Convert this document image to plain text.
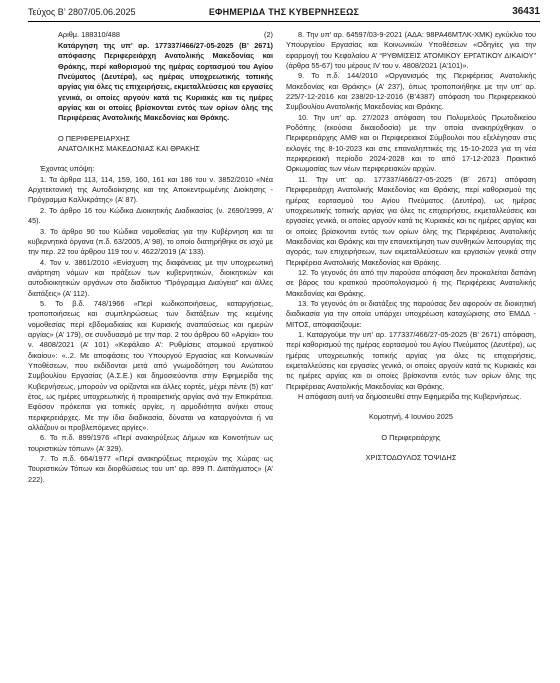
Τεύχος B’ 2807/05.06.2025	ΕΦΗΜΕΡΙΔΑ ΤΗΣ ΚΥΒΕΡΝΗΣΕΩΣ	36431
Αριθμ. 188310/488	(2)

Κατάργηση της υπ’ αρ. 177337/466/27-05-2025 (Β’ 2671) απόφασης Περιφερειάρχη Ανατολικής Μακεδονίας και Θράκης, περί καθορισμού της ημέρας εορτασμού του Αγίου Πνεύματος (Δευτέρα), ως ημέρας υποχρεωτικής τοπικής αργίας για όλες τις επιχειρήσεις, εκμεταλλεύσεις και εργασίες γενικά, οι οποίες αργούν κατά τις Κυριακές και τις ημέρες αργίας και οι οποίες βρίσκονται εντός των ορίων όλης της Περιφέρειας Ανατολικής Μακεδονίας και Θράκης.

Ο ΠΕΡΙΦΕΡΕΙΑΡΧΗΣ

ΑΝΑΤΟΛΙΚΗΣ ΜΑΚΕΔΟΝΙΑΣ ΚΑΙ ΘΡΑΚΗΣ

Έχοντας υπόψη:

1. Τα άρθρα 113, 114, 159, 160, 161 και 186 του ν. 3852/2010 «Νέα Αρχιτεκτονική της Αυτοδιοίκησης και της Αποκεντρωμένης Διοίκησης - Πρόγραμμα Καλλικράτης» (Α’ 87).

2. Το άρθρο 16 του Κώδικα Διοικητικής Διαδικασίας (ν. 2690/1999, Α’ 45).

3. Το άρθρο 90 του Κώδικα νομοθεσίας για την Κυβέρνηση και τα κυβερνητικά όργανα (π.δ. 63/2005, Α’ 98), το οποίο διατηρήθηκε σε ισχύ με την περ. 22 του άρθρου 119 του ν. 4622/2019 (Α’ 133).

4. Τον ν. 3861/2010 «Ενίσχυση της διαφάνειας με την υποχρεωτική ανάρτηση νόμων και πράξεων των κυβερνητικών, διοικητικών και αυτοδιοικητικών οργάνων στο διαδίκτυο “Πρόγραμμα Διαύγεια” και άλλες διατάξεις» (Α’ 112).

5. Το β.δ. 748/1966 «Περί κωδικοποιήσεως, καταργήσεως, τροποποιήσεως και συμπληρώσεως των διατάξεων της κειμένης νομοθεσίας περί εβδομαδιαίας και Κυριακής αναπαύσεως και ημερών αργίας» (Α’ 179), σε συνδυασμό με την παρ. 2 του άρθρου 60 «Αργίαι» του ν. 4808/2021 (Α’ 101) «Κεφάλαιο Α’: Ρυθμίσεις ατομικού εργατικού δικαίου»: «..2. Με αποφάσεις του Υπουργού Εργασίας και Κοινωνικών Υποθέσεων, που εκδίδονται μετά από γνωμοδότηση του Ανώτατου Συμβουλίου Εργασίας (Α.Σ.Ε.) και δημοσιεύονται στην Εφημερίδα της Κυβερνήσεως, μπορούν να ορίζονται και άλλες εορτές, μέχρι πέντε (5) κατ’ έτος, ως ημέρες υποχρεωτικής ή προαιρετικής αργίας ανά την Επικράτεια. Εφόσον πρόκειται για τοπικές αργίες, η αρμοδιότητα ανήκει στους περιφερειάρχες. Με την ίδια διαδικασία, δύναται να καταργούνται ή να αλλάζουν οι προβλεπόμενες αργίες».

6. Το π.δ. 899/1976 «Περί ανακηρύξεως Δήμων και Κοινοτήτων ως τουριστικών τόπων» (Α’ 329).

7. Το π.δ. 664/1977 «Περί ανακηρύξεως περιοχών της Χώρας ως Τουριστικών Τόπων και διορθώσεως του υπ’ αρ. 899 Π. Διατάγματος» (Α’ 222).

8. Την υπ’ αρ. 64597/03-9-2021 (ΑΔΑ: 98ΡΑ46ΜΤΛΚ-ΧΜΚ) εγκύκλιο του Υπουργείου Εργασίας και Κοινωνικών Υποθέσεων «Οδηγίες για την εφαρμογή του Κεφαλαίου Α’ “ΡΥΘΜΙΣΕΙΣ ΑΤΟΜΙΚΟΥ ΕΡΓΑΤΙΚΟΥ ΔΙΚΑΙΟΥ” (άρθρα 55-67) του μέρους ΙV του ν. 4808/2021 (Α’101)».

9. Το π.δ. 144/2010 «Οργανισμός της Περιφέρειας Ανατολικής Μακεδονίας και Θράκης» (Α’ 237), όπως τροποποιήθηκε με την υπ’ αρ. 225/7-12-2016 και 238/20-12-2016 (Β’4387) απόφαση του Περιφερειακού Συμβουλίου Ανατολικής Μακεδονίας και Θράκης.

10. Την υπ’ αρ. 27/2023 απόφαση του Πολυμελούς Πρωτοδικείου Ροδόπης (εκούσια δικαιοδοσία) με την οποία ανακηρύχθηκαν ο Περιφερειάρχης ΑΜΘ και οι Περιφερειακοί Σύμβουλοι που εξελέγησαν στις εκλογές της 8-10-2023 και στις επαναληπτικές της 15-10-2023 για τη νέα περιφερειακή περίοδο 2024-2028 και το από 17-12-2023 Πρακτικό Ορκωμοσίας των νέων περιφερειακών αρχών.

11. Την υπ’ αρ. 177337/466/27-05-2025 (Β’ 2671) απόφαση Περιφερειάρχη Ανατολικής Μακεδονίας και Θράκης, περί καθορισμού της ημέρας εορτασμού του Αγίου Πνεύματος (Δευτέρα), ως ημέρας υποχρεωτικής τοπικής αργίας για όλες τις επιχειρήσεις, εκμεταλλεύσεις και εργασίες γενικά, οι οποίες αργούν κατά τις Κυριακές και τις ημέρες αργίας και οι οποίες βρίσκονται εντός των ορίων όλης της Περιφέρειας Ανατολικής Μακεδονίας και Θράκης και την επανεκτίμηση των συνθηκών λειτουργίας της αγοράς, των επιχειρήσεων, των εκμεταλλεύσεων και εργασιών γενικά στην Περιφέρεια Ανατολικής Μακεδονίας και Θράκης.

12. Το γεγονός ότι από την παρούσα απόφαση δεν προκαλείται δαπάνη σε βάρος του κρατικού προϋπολογισμού ή της Περιφέρειας Ανατολικής Μακεδονίας και Θράκης.

13. Το γεγονός ότι οι διατάξεις της παρούσας δεν αφορούν σε διοικητική διαδικασία για την οποία υπάρχει υποχρέωση καταχώρισης στο ΕΜΔΔ - ΜΙΤΟΣ, αποφασίζουμε:

1. Καταργούμε την υπ’ αρ. 177337/466/27-05-2025 (Β’ 2671) απόφαση, περί καθορισμού της ημέρας εορτασμού του Αγίου Πνεύματος (Δευτέρα), ως ημέρας υποχρεωτικής τοπικής αργίας για όλες τις επιχειρήσεις, εκμεταλλεύσεις και εργασίες γενικά, οι οποίες αργούν κατά τις Κυριακές και τις ημέρες αργίας και οι οποίες βρίσκονται εντός των ορίων όλης της Περιφέρειας Ανατολικής Μακεδονίας και Θράκης.

Η απόφαση αυτή να δημοσιευθεί στην Εφημερίδα της Κυβερνήσεως.

Κομοτηνή, 4 Ιουνίου 2025

Ο Περιφερειάρχης

ΧΡΙΣΤΟΔΟΥΛΟΣ ΤΟΨΙΔΗΣ
